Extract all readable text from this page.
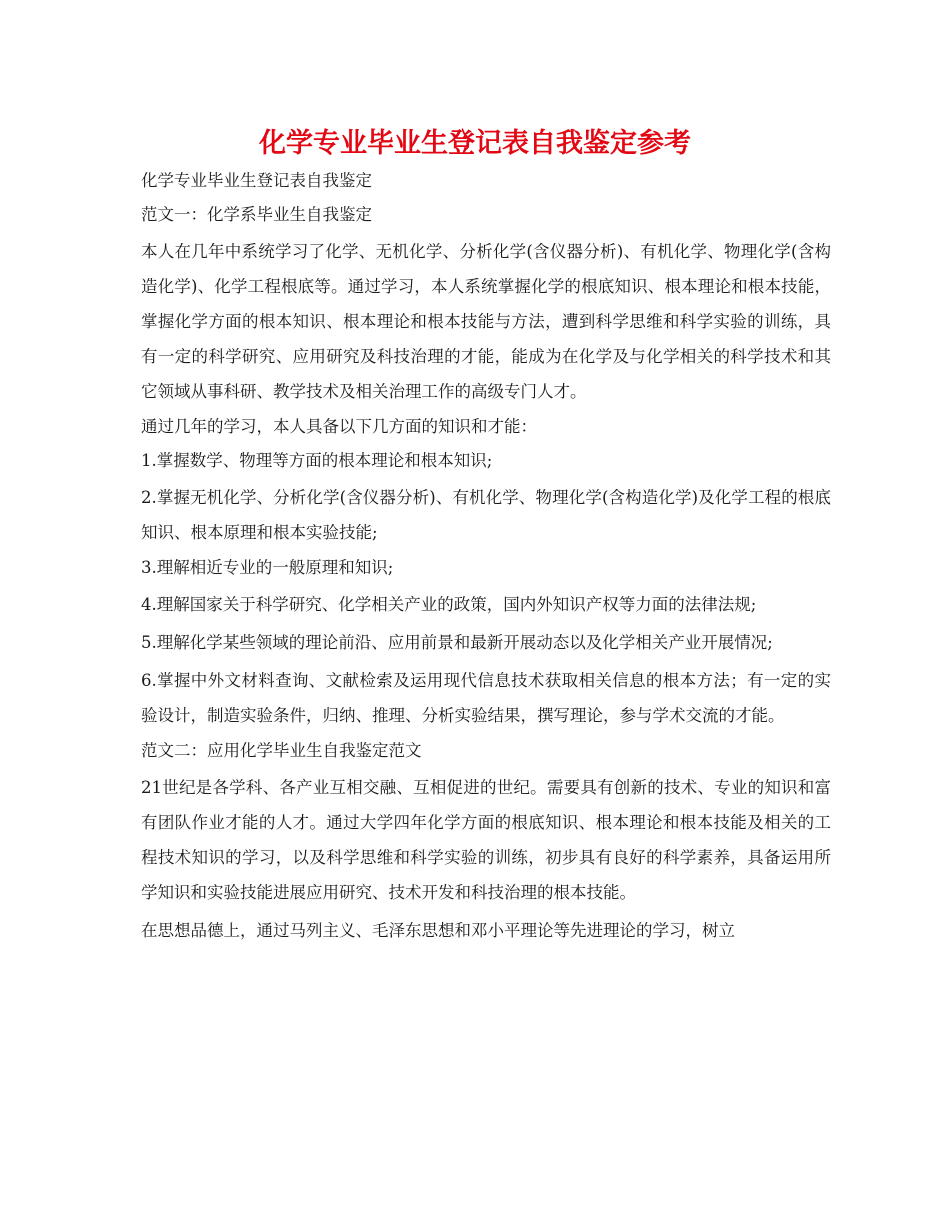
化学专业毕业生登记表自我鉴定参考

化学专业毕业生登记表自我鉴定

范文一：化学系毕业生自我鉴定

本人在几年中系统学习了化学、无机化学、分析化学(含仪器分析)、有机化学、物理化学(含构造化学)、化学工程根底等。通过学习，本人系统掌握化学的根底知识、根本理论和根本技能，掌握化学方面的根本知识、根本理论和根本技能与方法，遭到科学思维和科学实验的训练，具有一定的科学研究、应用研究及科技治理的才能，能成为在化学及与化学相关的科学技术和其它领域从事科研、教学技术及相关治理工作的高级专门人才。

通过几年的学习，本人具备以下几方面的知识和才能：

1.掌握数学、物理等方面的根本理论和根本知识;

2.掌握无机化学、分析化学(含仪器分析)、有机化学、物理化学(含构造化学)及化学工程的根底知识、根本原理和根本实验技能;

3.理解相近专业的一般原理和知识;

4.理解国家关于科学研究、化学相关产业的政策，国内外知识产权等力面的法律法规;

5.理解化学某些领域的理论前沿、应用前景和最新开展动态以及化学相关产业开展情况;

6.掌握中外文材料查询、文献检索及运用现代信息技术获取相关信息的根本方法；有一定的实验设计，制造实验条件，归纳、推理、分析实验结果，撰写理论，参与学术交流的才能。

范文二：应用化学毕业生自我鉴定范文

21世纪是各学科、各产业互相交融、互相促进的世纪。需要具有创新的技术、专业的知识和富有团队作业才能的人才。通过大学四年化学方面的根底知识、根本理论和根本技能及相关的工程技术知识的学习，以及科学思维和科学实验的训练，初步具有良好的科学素养，具备运用所学知识和实验技能进展应用研究、技术开发和科技治理的根本技能。

在思想品德上，通过马列主义、毛泽东思想和邓小平理论等先进理论的学习，树立
